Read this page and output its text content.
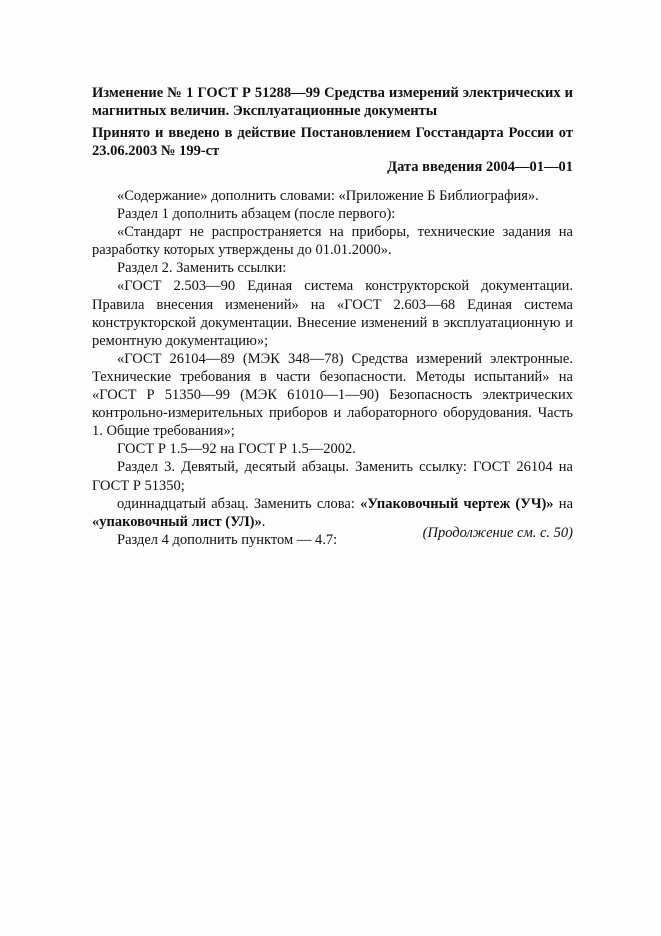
Изменение № 1 ГОСТ Р 51288—99 Средства измерений электрических и магнитных величин. Эксплуатационные документы

Принято и введено в действие Постановлением Госстандарта России от 23.06.2003 № 199-ст

Дата введения 2004—01—01

«Содержание» дополнить словами: «Приложение Б Библиография».

Раздел 1 дополнить абзацем (после первого):

«Стандарт не распространяется на приборы, технические задания на разработку которых утверждены до 01.01.2000».

Раздел 2. Заменить ссылки:

«ГОСТ 2.503—90 Единая система конструкторской документации. Правила внесения изменений» на «ГОСТ 2.603—68 Единая система конструкторской документации. Внесение изменений в эксплуатационную и ремонтную документацию»;

«ГОСТ 26104—89 (МЭК 348—78) Средства измерений электронные. Технические требования в части безопасности. Методы испытаний» на «ГОСТ Р 51350—99 (МЭК 61010—1—90) Безопасность электрических контрольно-измерительных приборов и лабораторного оборудования. Часть 1. Общие требования»;

ГОСТ Р 1.5—92 на ГОСТ Р 1.5—2002.

Раздел 3. Девятый, десятый абзацы. Заменить ссылку: ГОСТ 26104 на ГОСТ Р 51350;

одиннадцатый абзац. Заменить слова: «Упаковочный чертеж (УЧ)» на «упаковочный лист (УЛ)».

Раздел 4 дополнить пунктом — 4.7:	(Продолжение см. с. 50)
